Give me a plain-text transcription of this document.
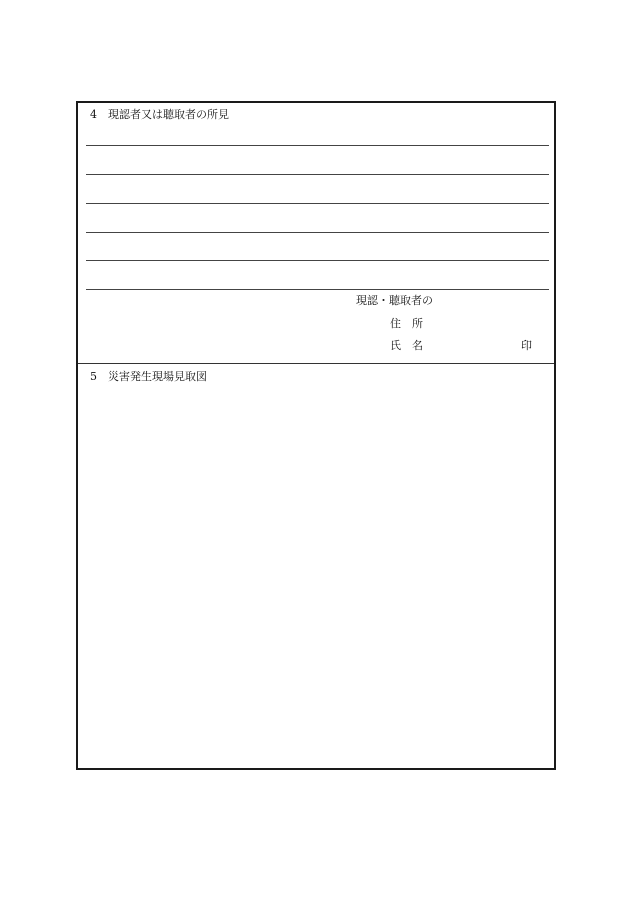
4 現認者又は聴取者の所見
現認・聴取者の
住　所
氏　名	印
5 災害発生現場見取図
